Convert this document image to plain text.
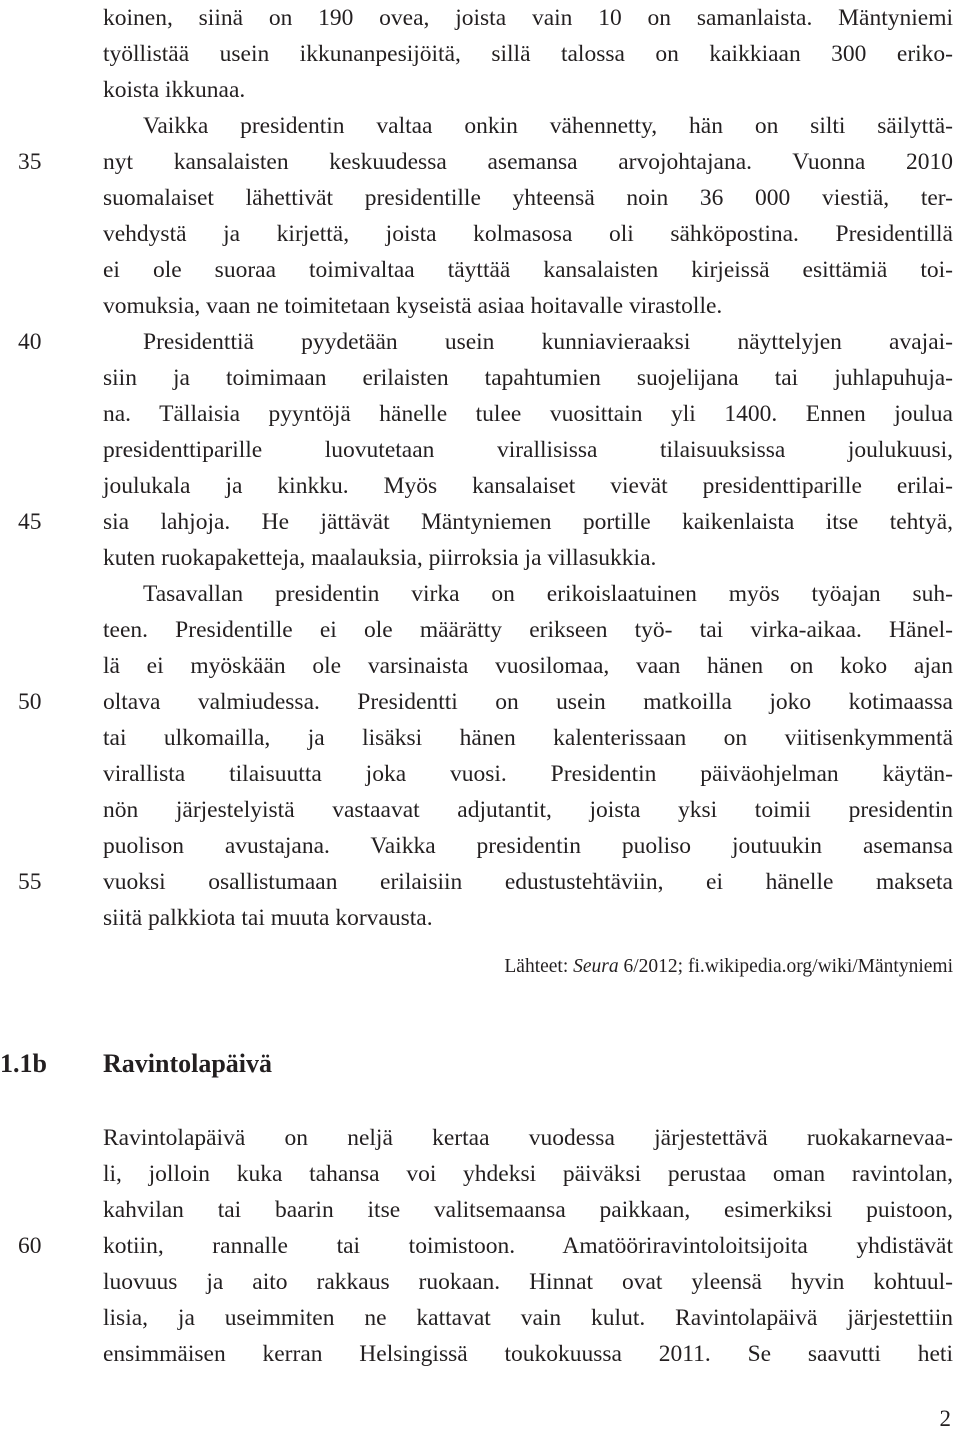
koinen, siinä on 190 ovea, joista vain 10 on samanlaista. Mäntyniemi
työllistää usein ikkunanpesijöitä, sillä talossa on kaikkiaan 300 eriko-
koista ikkunaa.
Vaikka presidentin valtaa onkin vähennetty, hän on silti säilyttä-
nyt kansalaisten keskuudessa asemansa arvojohtajana. Vuonna 2010
suomalaiset lähettivät presidentille yhteensä noin 36 000 viestiä, ter-
vehdystä ja kirjettä, joista kolmasosa oli sähköpostina. Presidentillä
ei ole suoraa toimivaltaa täyttää kansalaisten kirjeissä esittämiä toi-
vomuksia, vaan ne toimitetaan kyseistä asiaa hoitavalle virastolle.
Presidenttiä pyydetään usein kunniavieraaksi näyttelyjen avajai-
siin ja toimimaan erilaisten tapahtumien suojelijana tai juhlapuhuja-
na. Tällaisia pyyntöjä hänelle tulee vuosittain yli 1400. Ennen joulua
presidenttiparille luovutetaan virallisissa tilaisuuksissa joulukuusi,
joulukala ja kinkku. Myös kansalaiset vievät presidenttiparille erilai-
sia lahjoja. He jättävät Mäntyniemen portille kaikenlaista itse tehtyä,
kuten ruokapaketteja, maalauksia, piirroksia ja villasukkia.
Tasavallan presidentin virka on erikoislaatuinen myös työajan suh-
teen. Presidentille ei ole määrätty erikseen työ- tai virka-aikaa. Hänel-
lä ei myöskään ole varsinaista vuosilomaa, vaan hänen on koko ajan
oltava valmiudessa. Presidentti on usein matkoilla joko kotimaassa
tai ulkomailla, ja lisäksi hänen kalenterissaan on viitisenkymmentä
virallista tilaisuutta joka vuosi. Presidentin päiväohjelman käytän-
nön järjestelyistä vastaavat adjutantit, joista yksi toimii presidentin
puolison avustajana. Vaikka presidentin puoliso joutuukin asemansa
vuoksi osallistumaan erilaisiin edustustehtäviin, ei hänelle makseta
siitä palkkiota tai muuta korvausta.
35
40
45
50
55
Lähteet: Seura 6/2012; fi.wikipedia.org/wiki/Mäntyniemi
1.1b Ravintolapäivä
Ravintolapäivä on neljä kertaa vuodessa järjestettävä ruokakarnevaa-
li, jolloin kuka tahansa voi yhdeksi päiväksi perustaa oman ravintolan,
kahvilan tai baarin itse valitsemaansa paikkaan, esimerkiksi puistoon,
kotiin, rannalle tai toimistoon. Amatööriravintoloitsijoita yhdistävät
luovuus ja aito rakkaus ruokaan. Hinnat ovat yleensä hyvin kohtuul-
lisia, ja useimmiten ne kattavat vain kulut. Ravintolapäivä järjestettiin
ensimmäisen kerran Helsingissä toukokuussa 2011. Se saavutti heti
60
2
